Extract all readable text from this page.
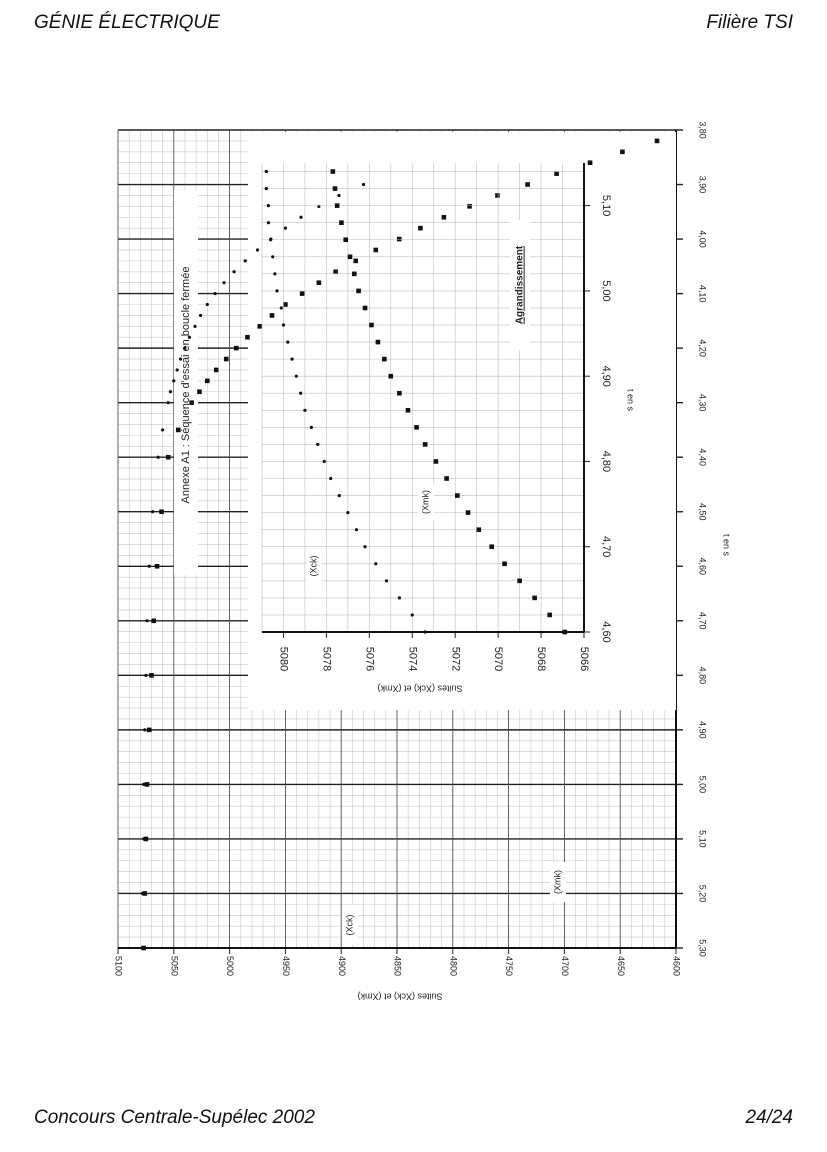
GÉNIE ÉLECTRIQUE	Filière TSI
3,80
3,90
4,00
4,10
4,20
4,30
4,40
4,50
4,60
4,70
4,80
4,90
5,00
5,10
5,20
5,30
4600
4650
4700
4750
4800
4850
4900
4950
5000
5050
5100
t en s
Suites (Xck) et (Xmk)
Annexe A1 : Séquence d'essai en boucle fermée
(Xck)
(Xmk)
4,60
4,70
4,80
4,90
5,00
5,10
5066
5068
5070
5072
5074
5076
5078
5080
t en s
Suites (Xck) et (Xmk)
Agrandissement
(Xck)
(Xmk)
Concours Centrale-Supélec 2002	24/24
